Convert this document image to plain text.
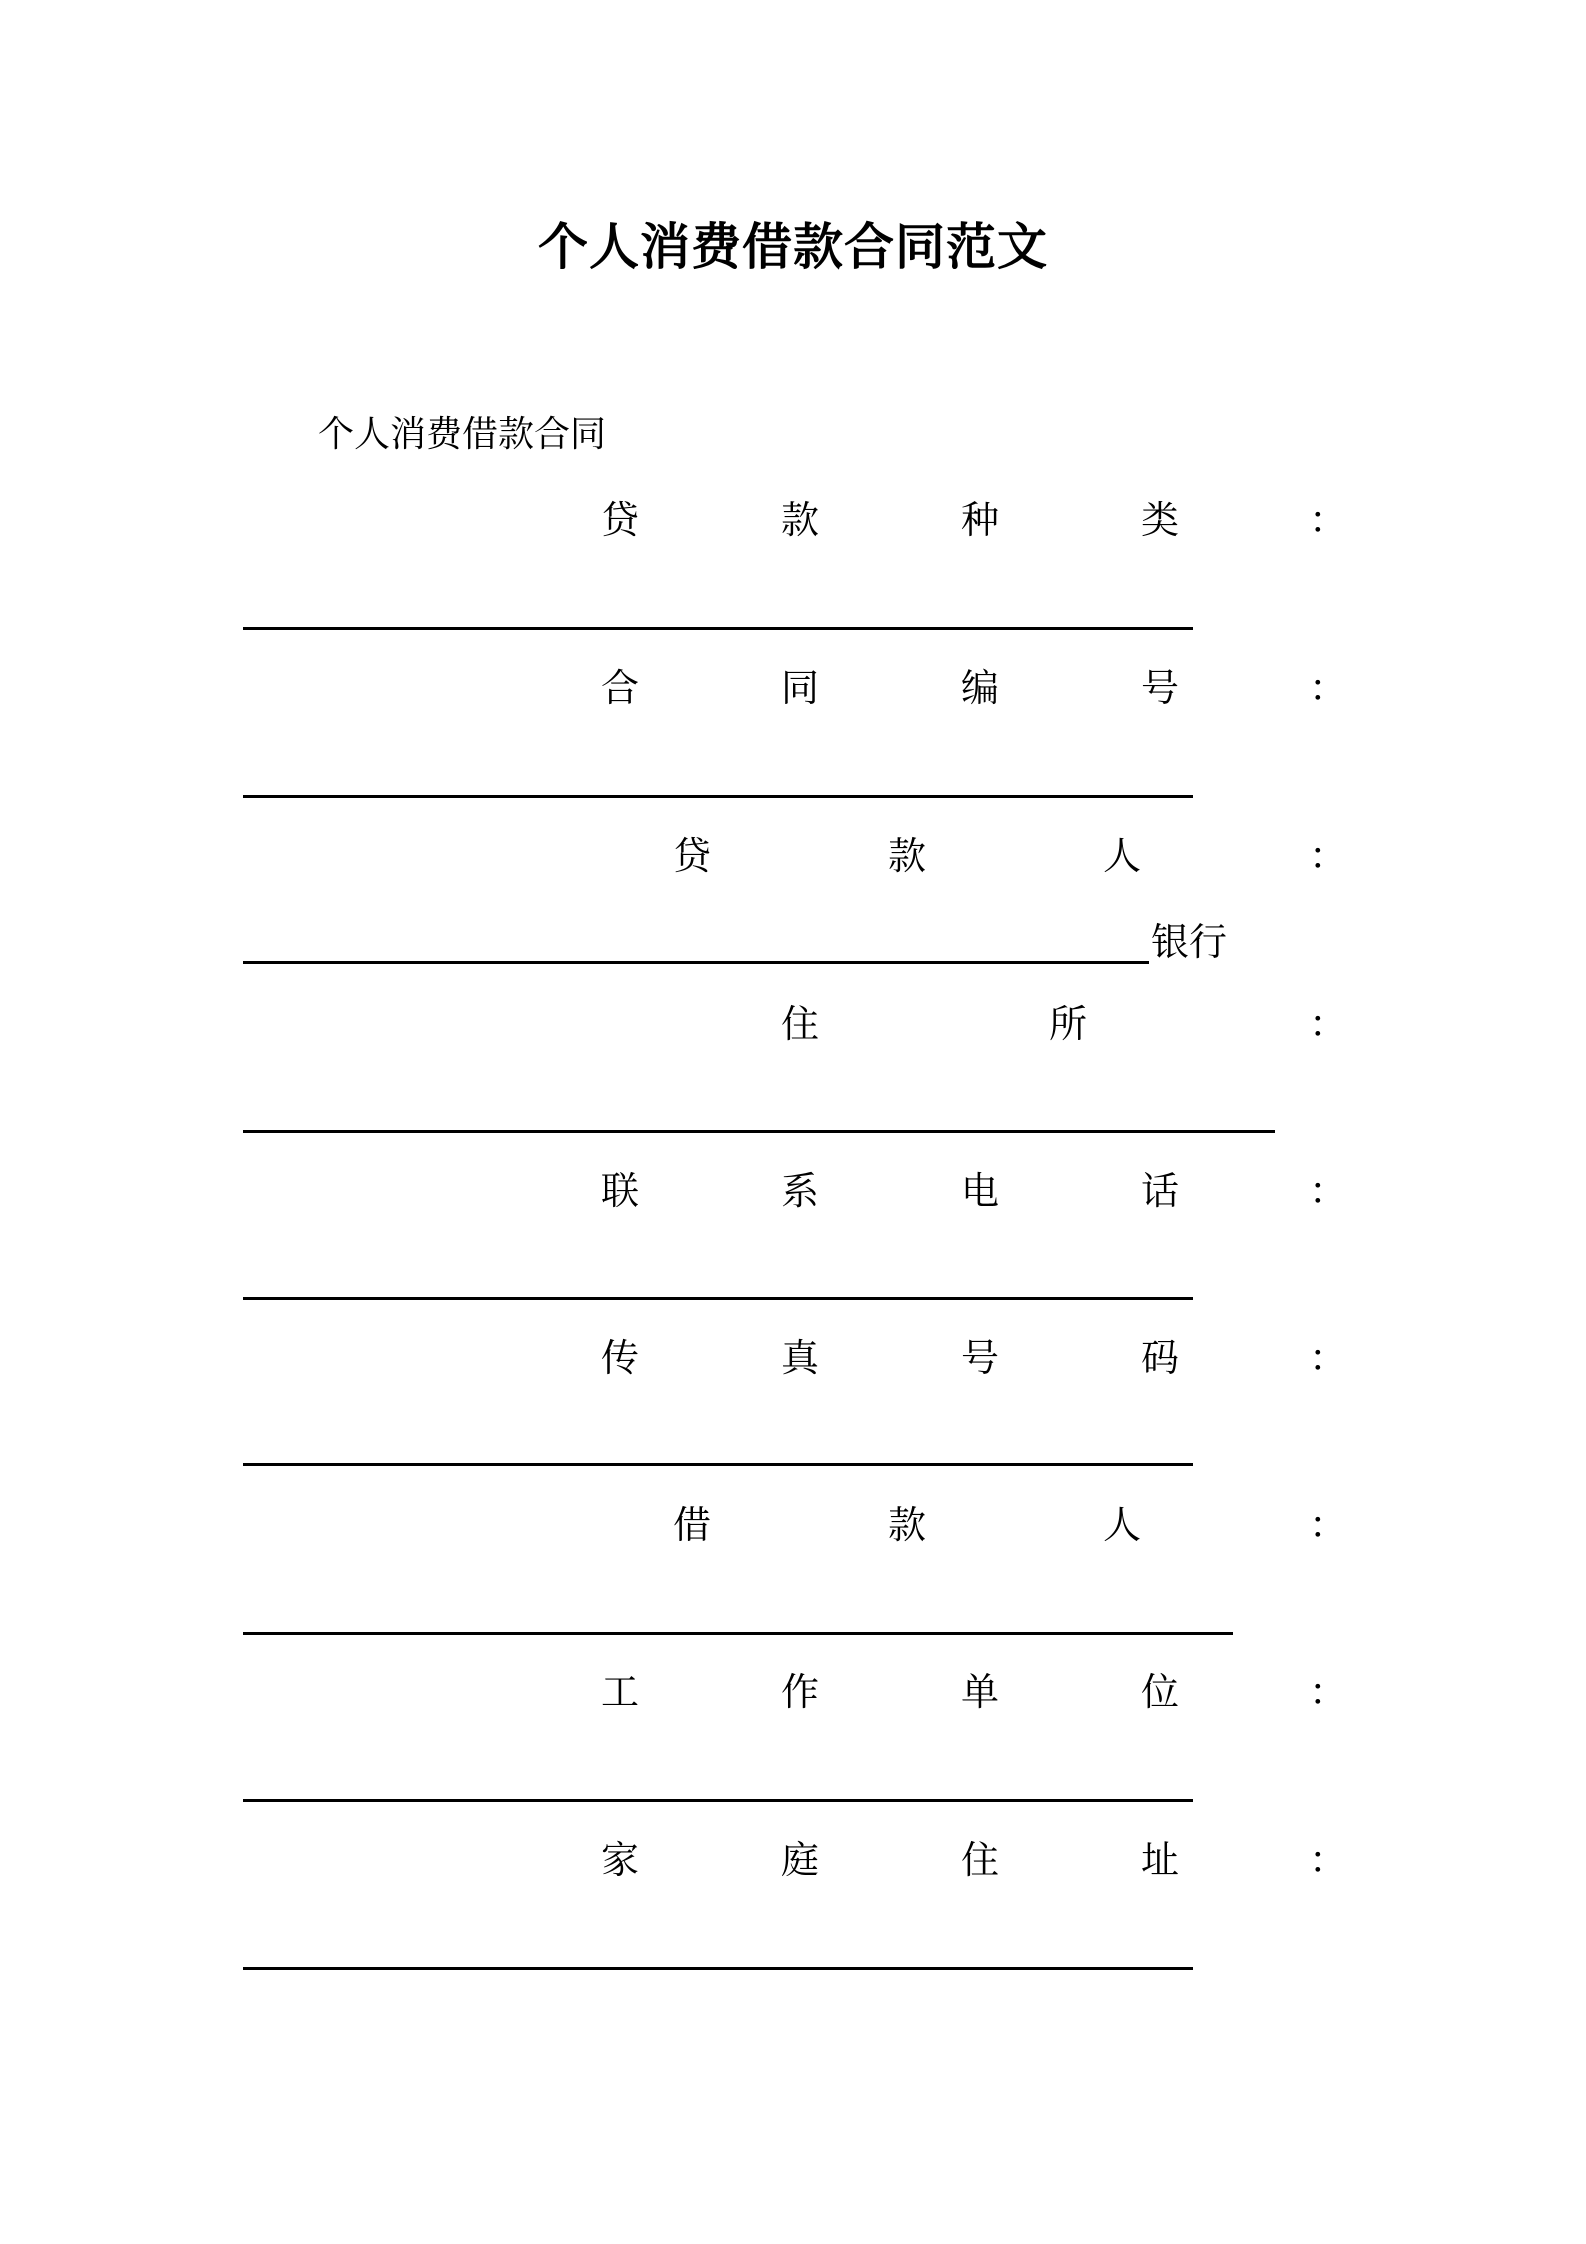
个人消费借款合同范文
个人消费借款合同
贷	款	种	类	：
合	同	编	号	：
贷	款	人	：
银行
住	所	：
联	系	电	话	：
传	真	号	码	：
借	款	人	：
工	作	单	位	：
家	庭	住	址	：
